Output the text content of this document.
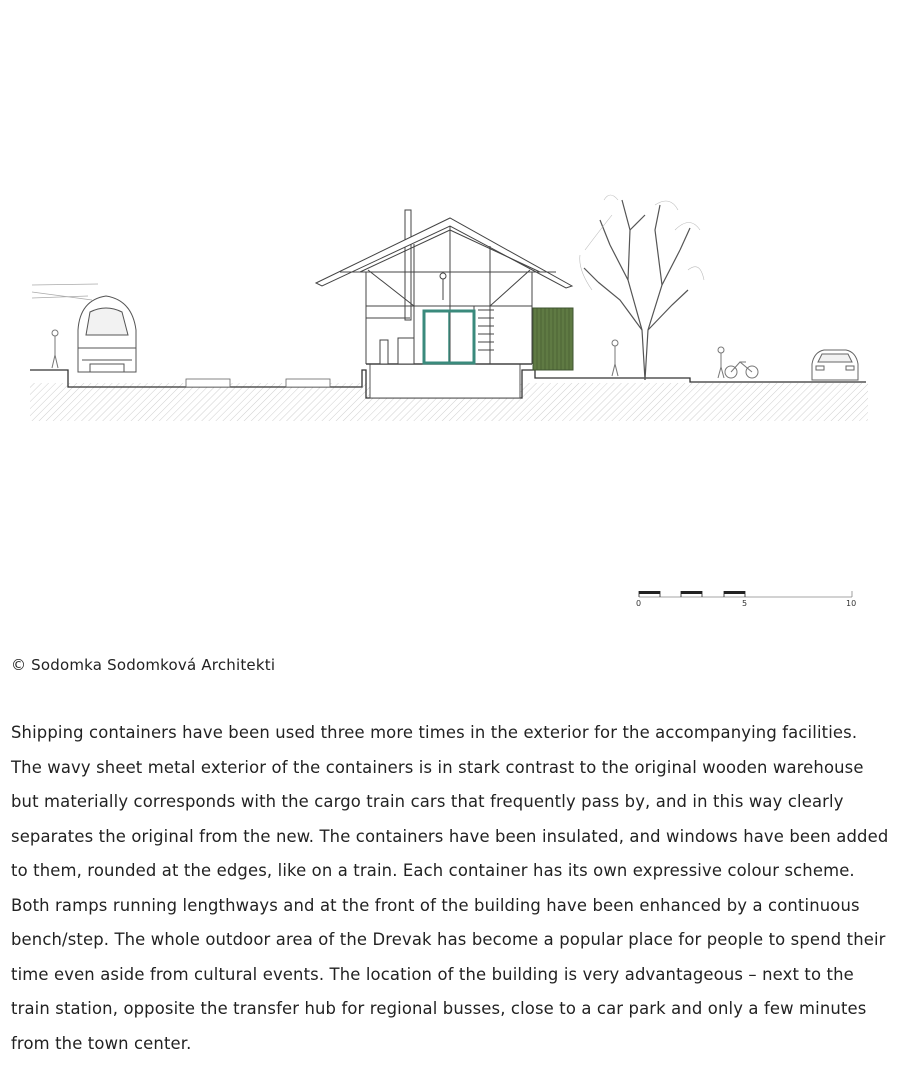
0	5	10
© Sodomka Sodomková Architekti

Shipping containers have been used three more times in the exterior for the accompanying facilities. The wavy sheet metal exterior of the containers is in stark contrast to the original wooden warehouse but materially corresponds with the cargo train cars that frequently pass by, and in this way clearly separates the original from the new. The containers have been insulated, and windows have been added to them, rounded at the edges, like on a train. Each container has its own expressive colour scheme. Both ramps running lengthways and at the front of the building have been enhanced by a continuous bench/step. The whole outdoor area of the Drevak has become a popular place for people to spend their time even aside from cultural events. The location of the building is very advantageous – next to the train station, opposite the transfer hub for regional busses, close to a car park and only a few minutes from the town center.
